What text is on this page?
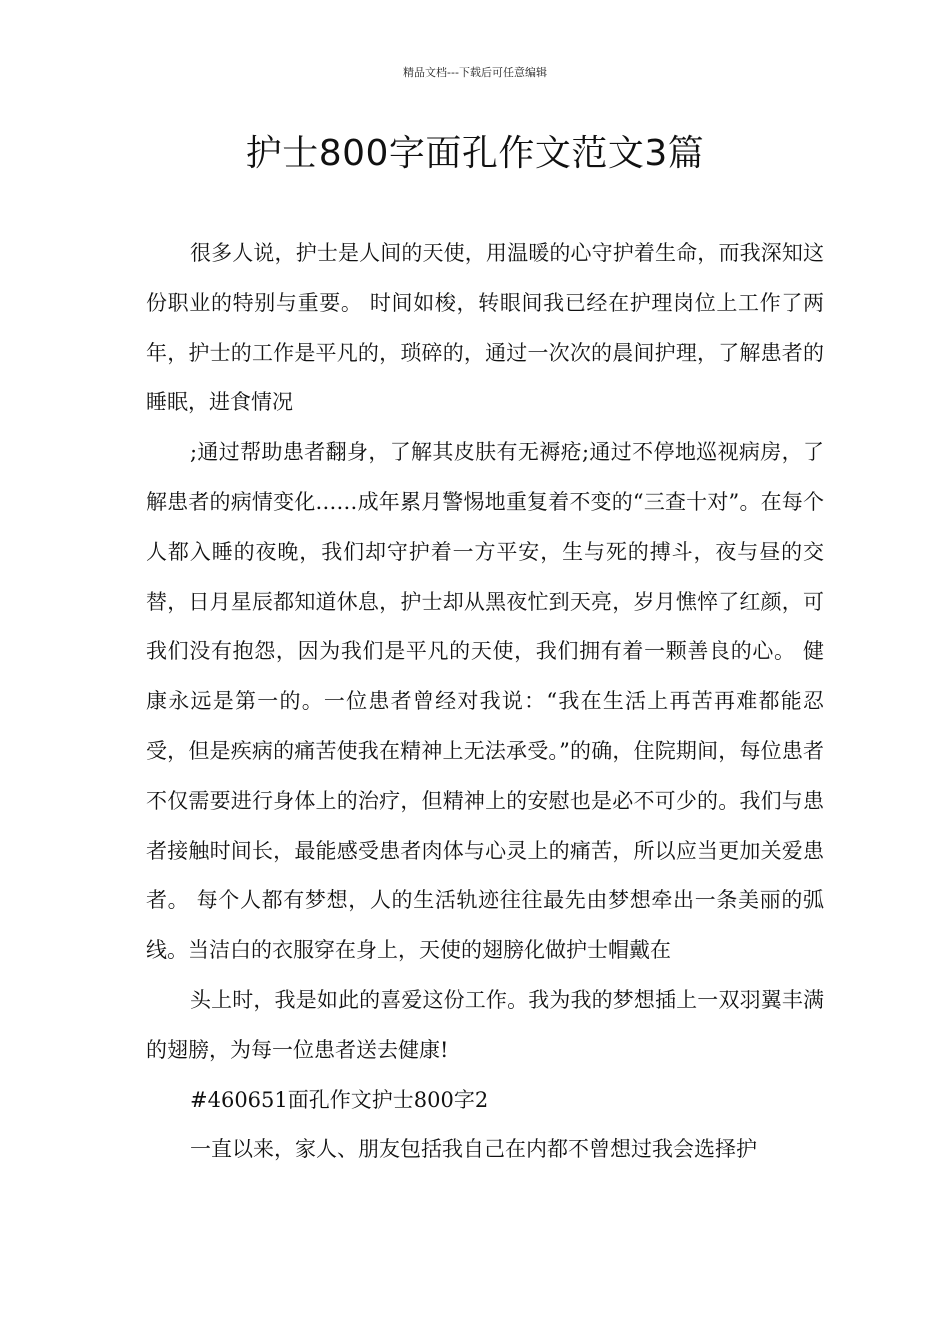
精品文档---下载后可任意编辑
护士800字面孔作文范文3篇

很多人说，护士是人间的天使，用温暖的心守护着生命，而我深知这份职业的特别与重要。 时间如梭，转眼间我已经在护理岗位上工作了两年，护士的工作是平凡的，琐碎的，通过一次次的晨间护理，了解患者的睡眠，进食情况

;通过帮助患者翻身，了解其皮肤有无褥疮;通过不停地巡视病房，了解患者的病情变化……成年累月警惕地重复着不变的“三查十对”。在每个人都入睡的夜晚，我们却守护着一方平安，生与死的搏斗，夜与昼的交替，日月星辰都知道休息，护士却从黑夜忙到天亮，岁月憔悴了红颜，可我们没有抱怨，因为我们是平凡的天使，我们拥有着一颗善良的心。 健康永远是第一的。一位患者曾经对我说：“我在生活上再苦再难都能忍受，但是疾病的痛苦使我在精神上无法承受。”的确，住院期间，每位患者不仅需要进行身体上的治疗，但精神上的安慰也是必不可少的。我们与患者接触时间长，最能感受患者肉体与心灵上的痛苦，所以应当更加关爱患者。 每个人都有梦想，人的生活轨迹往往最先由梦想牵出一条美丽的弧线。当洁白的衣服穿在身上，天使的翅膀化做护士帽戴在

头上时，我是如此的喜爱这份工作。我为我的梦想插上一双羽翼丰满的翅膀，为每一位患者送去健康!

#460651面孔作文护士800字2

一直以来，家人、朋友包括我自己在内都不曾想过我会选择护
